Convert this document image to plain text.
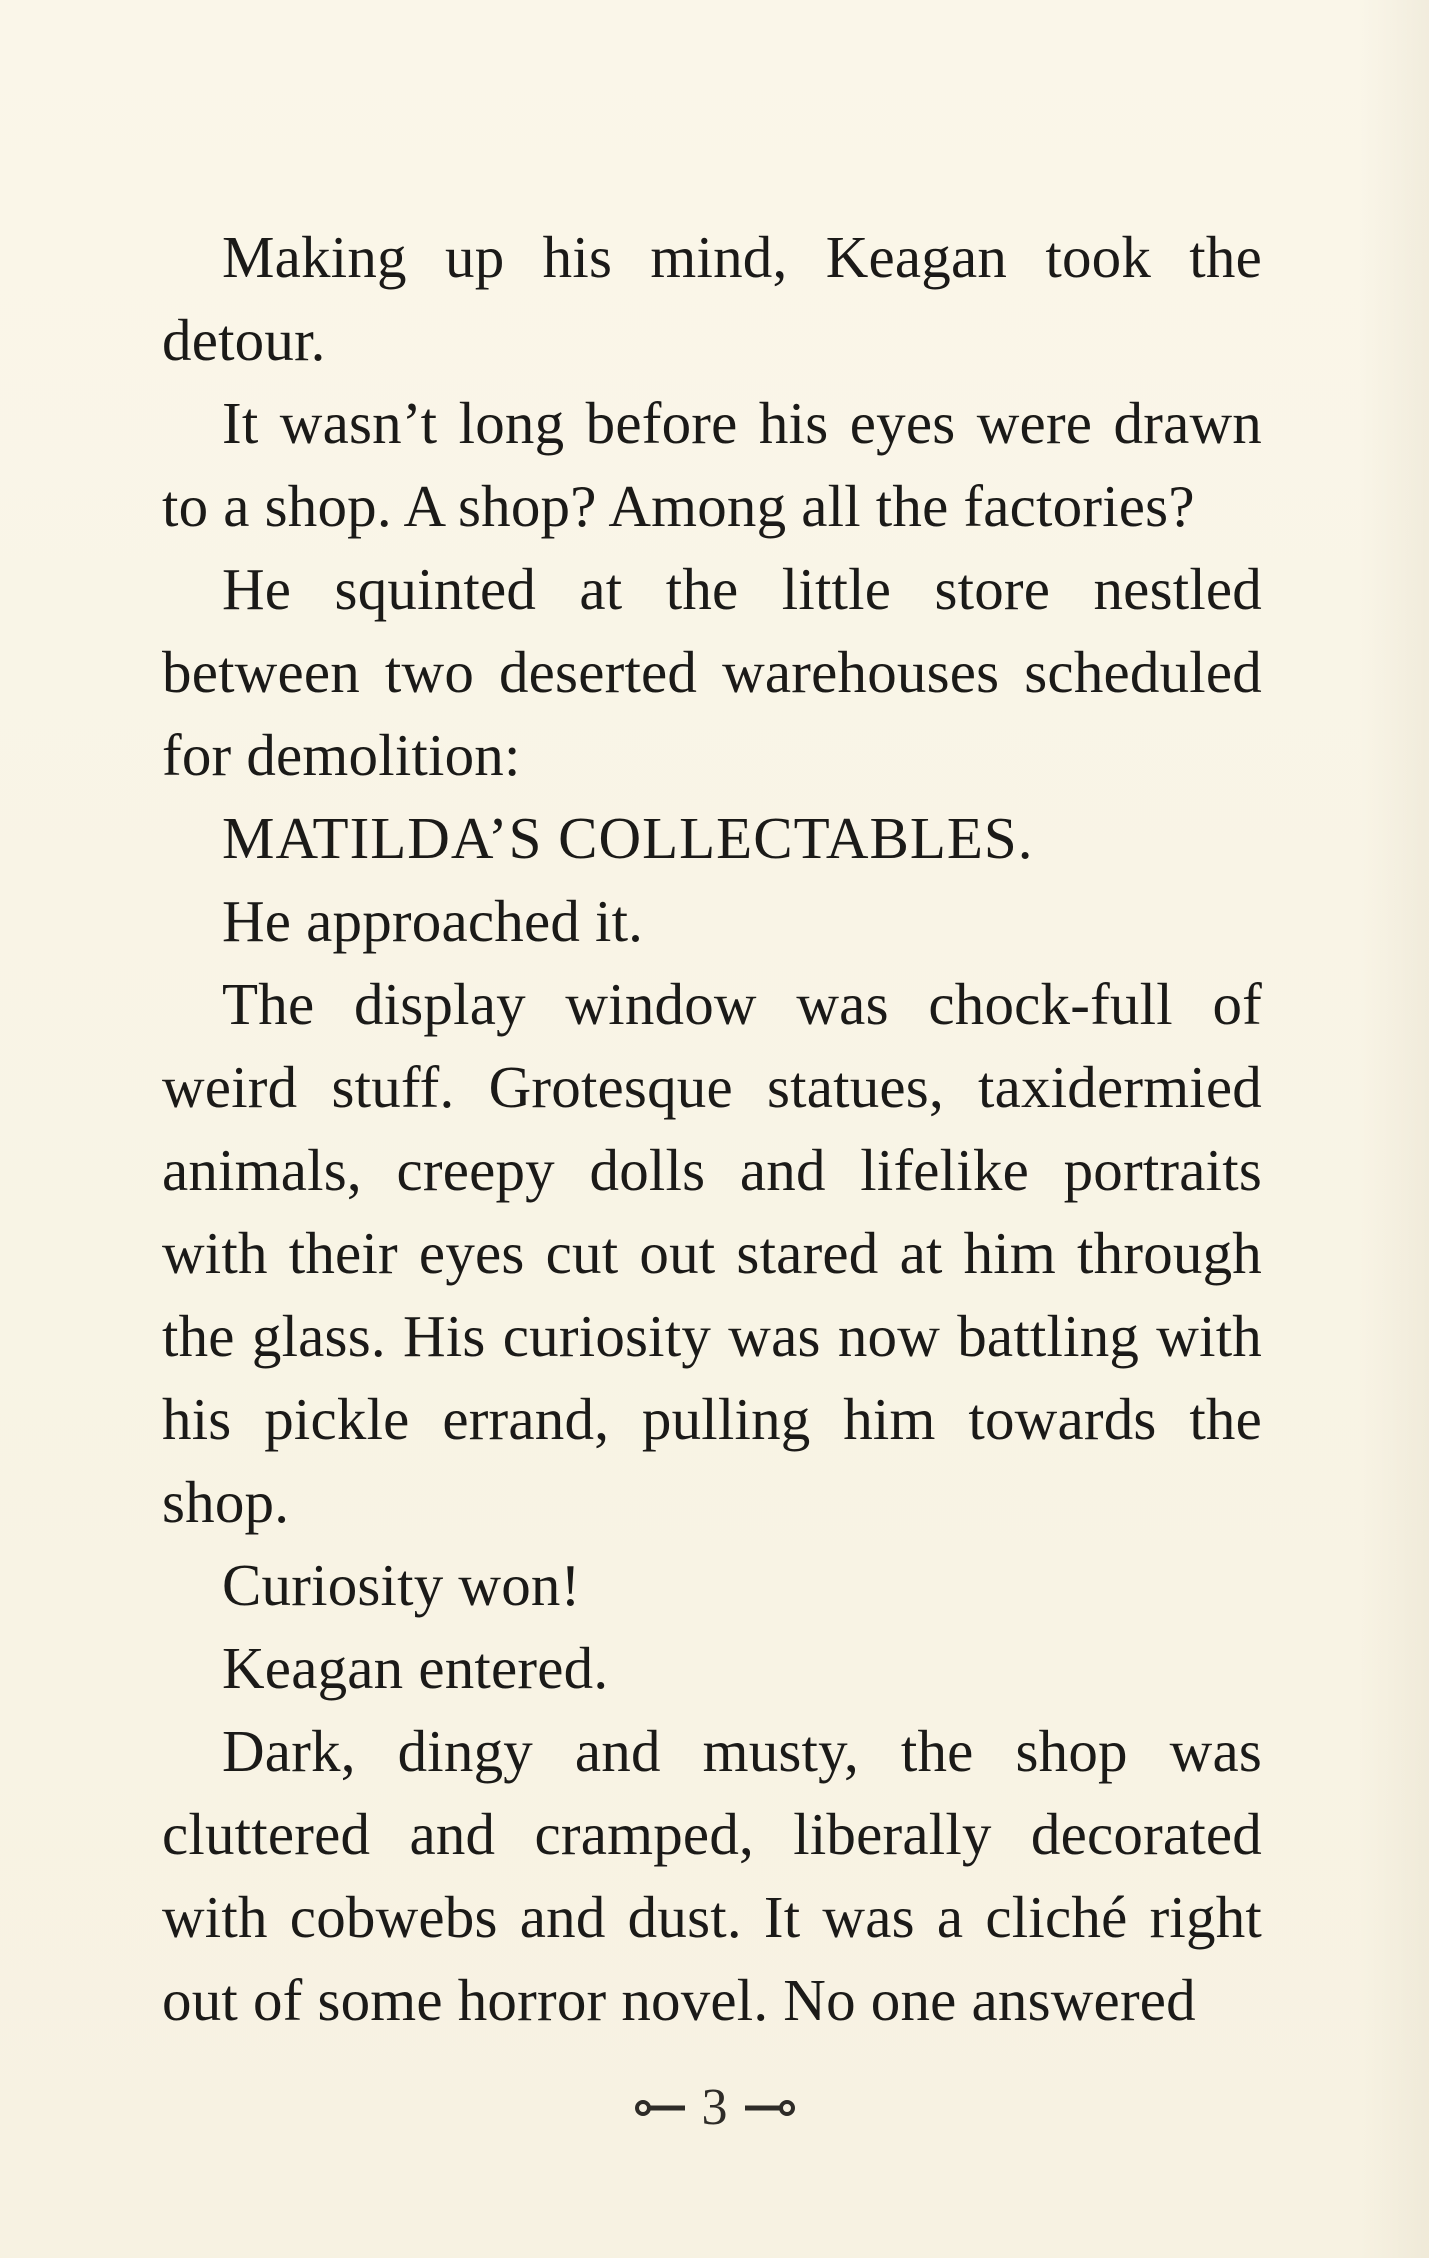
Making up his mind, Keagan took the detour.

It wasn’t long before his eyes were drawn to a shop. A shop? Among all the factories?

He squinted at the little store nestled between two deserted warehouses scheduled for demolition:

MATILDA’S COLLECTABLES.

He approached it.

The display window was chock-full of weird stuff. Grotesque statues, taxidermied animals, creepy dolls and lifelike portraits with their eyes cut out stared at him through the glass. His curiosity was now battling with his pickle errand, pulling him towards the shop.

Curiosity won!

Keagan entered.

Dark, dingy and musty, the shop was cluttered and cramped, liberally decorated with cobwebs and dust. It was a cliché right out of some horror novel. No one answered

3
